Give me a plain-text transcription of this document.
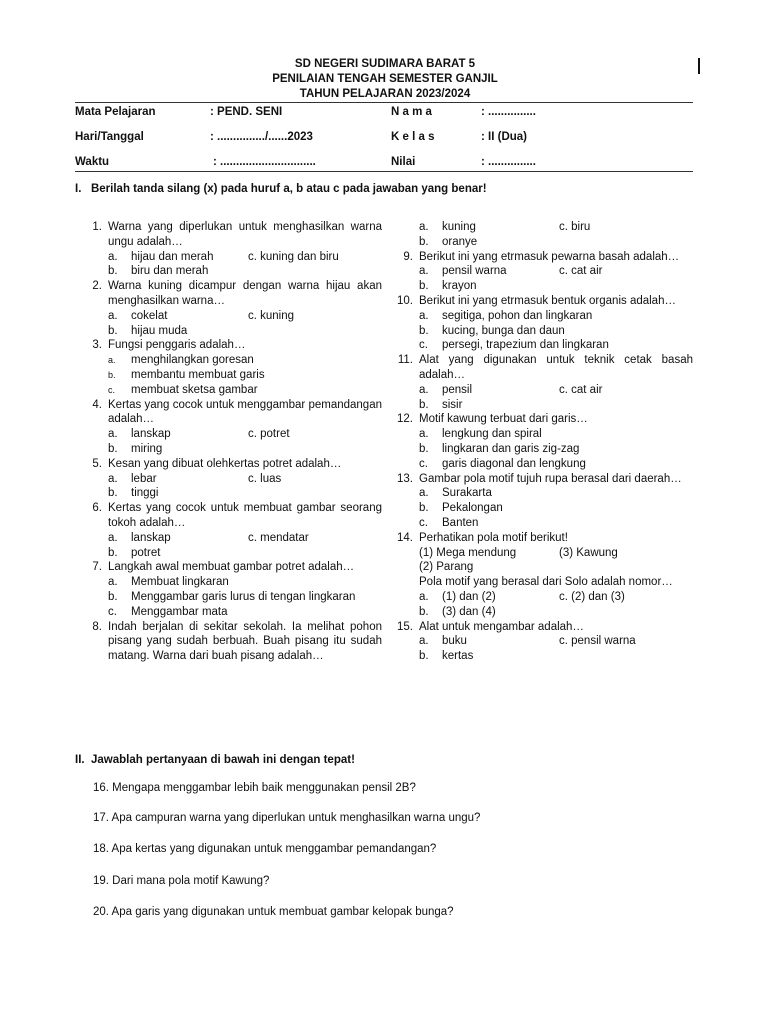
SD NEGERI SUDIMARA BARAT 5
PENILAIAN TENGAH SEMESTER GANJIL
TAHUN PELAJARAN 2023/2024
Mata Pelajaran	: PEND. SENI	N a m a	: ...............
Hari/Tanggal	: .............../......2023	K e l a s	: II (Dua)
Waktu	: ..............................	Nilai	: ...............
I. Berilah tanda silang (x) pada huruf a, b atau c pada jawaban yang benar!
1. Warna yang diperlukan untuk menghasilkan warna ungu adalah…
a.	hijau dan merah	c. kuning dan biru
b.	biru dan merah
2. Warna kuning dicampur dengan warna hijau akan menghasilkan warna…
a.	cokelat	c. kuning
b.	hijau muda
3. Fungsi penggaris adalah…
a.	menghilangkan goresan
b.	membantu membuat garis
c.	membuat sketsa gambar
4. Kertas yang cocok untuk menggambar pemandangan adalah…
a.	lanskap	c. potret
b.	miring
5. Kesan yang dibuat olehkertas potret adalah…
a.	lebar	c. luas
b.	tinggi
6. Kertas yang cocok untuk membuat gambar seorang tokoh adalah…
a.	lanskap	c. mendatar
b.	potret
7. Langkah awal membuat gambar potret adalah…
a.	Membuat lingkaran
b.	Menggambar garis lurus di tengan lingkaran
c.	Menggambar mata
8. Indah berjalan di sekitar sekolah. Ia melihat pohon pisang yang sudah berbuah. Buah pisang itu sudah matang. Warna dari buah pisang adalah…
a.	kuning	c. biru
b.	oranye
9. Berikut ini yang etrmasuk pewarna basah adalah…
a.	pensil warna	c. cat air
b.	krayon
10. Berikut ini yang etrmasuk bentuk organis adalah…
a.	segitiga, pohon dan lingkaran
b.	kucing, bunga dan daun
c.	persegi, trapezium dan lingkaran
11. Alat yang digunakan untuk teknik cetak basah adalah…
a.	pensil	c. cat air
b.	sisir
12. Motif kawung terbuat dari garis…
a.	lengkung dan spiral
b.	lingkaran dan garis zig-zag
c.	garis diagonal dan lengkung
13. Gambar pola motif tujuh rupa berasal dari daerah…
a.	Surakarta
b.	Pekalongan
c.	Banten
14. Perhatikan pola motif berikut!
(1) Mega mendung	(3) Kawung
(2) Parang
Pola motif yang berasal dari Solo adalah nomor…
a.	(1) dan (2)	c. (2) dan (3)
b.	(3) dan (4)
15. Alat untuk mengambar adalah…
a.	buku	c. pensil warna
b.	kertas
II. Jawablah pertanyaan di bawah ini dengan tepat!
16. Mengapa menggambar lebih baik menggunakan pensil 2B?
17. Apa campuran warna yang diperlukan untuk menghasilkan warna ungu?
18. Apa kertas yang digunakan untuk menggambar pemandangan?
19. Dari mana pola motif Kawung?
20. Apa garis yang digunakan untuk membuat gambar kelopak bunga?
